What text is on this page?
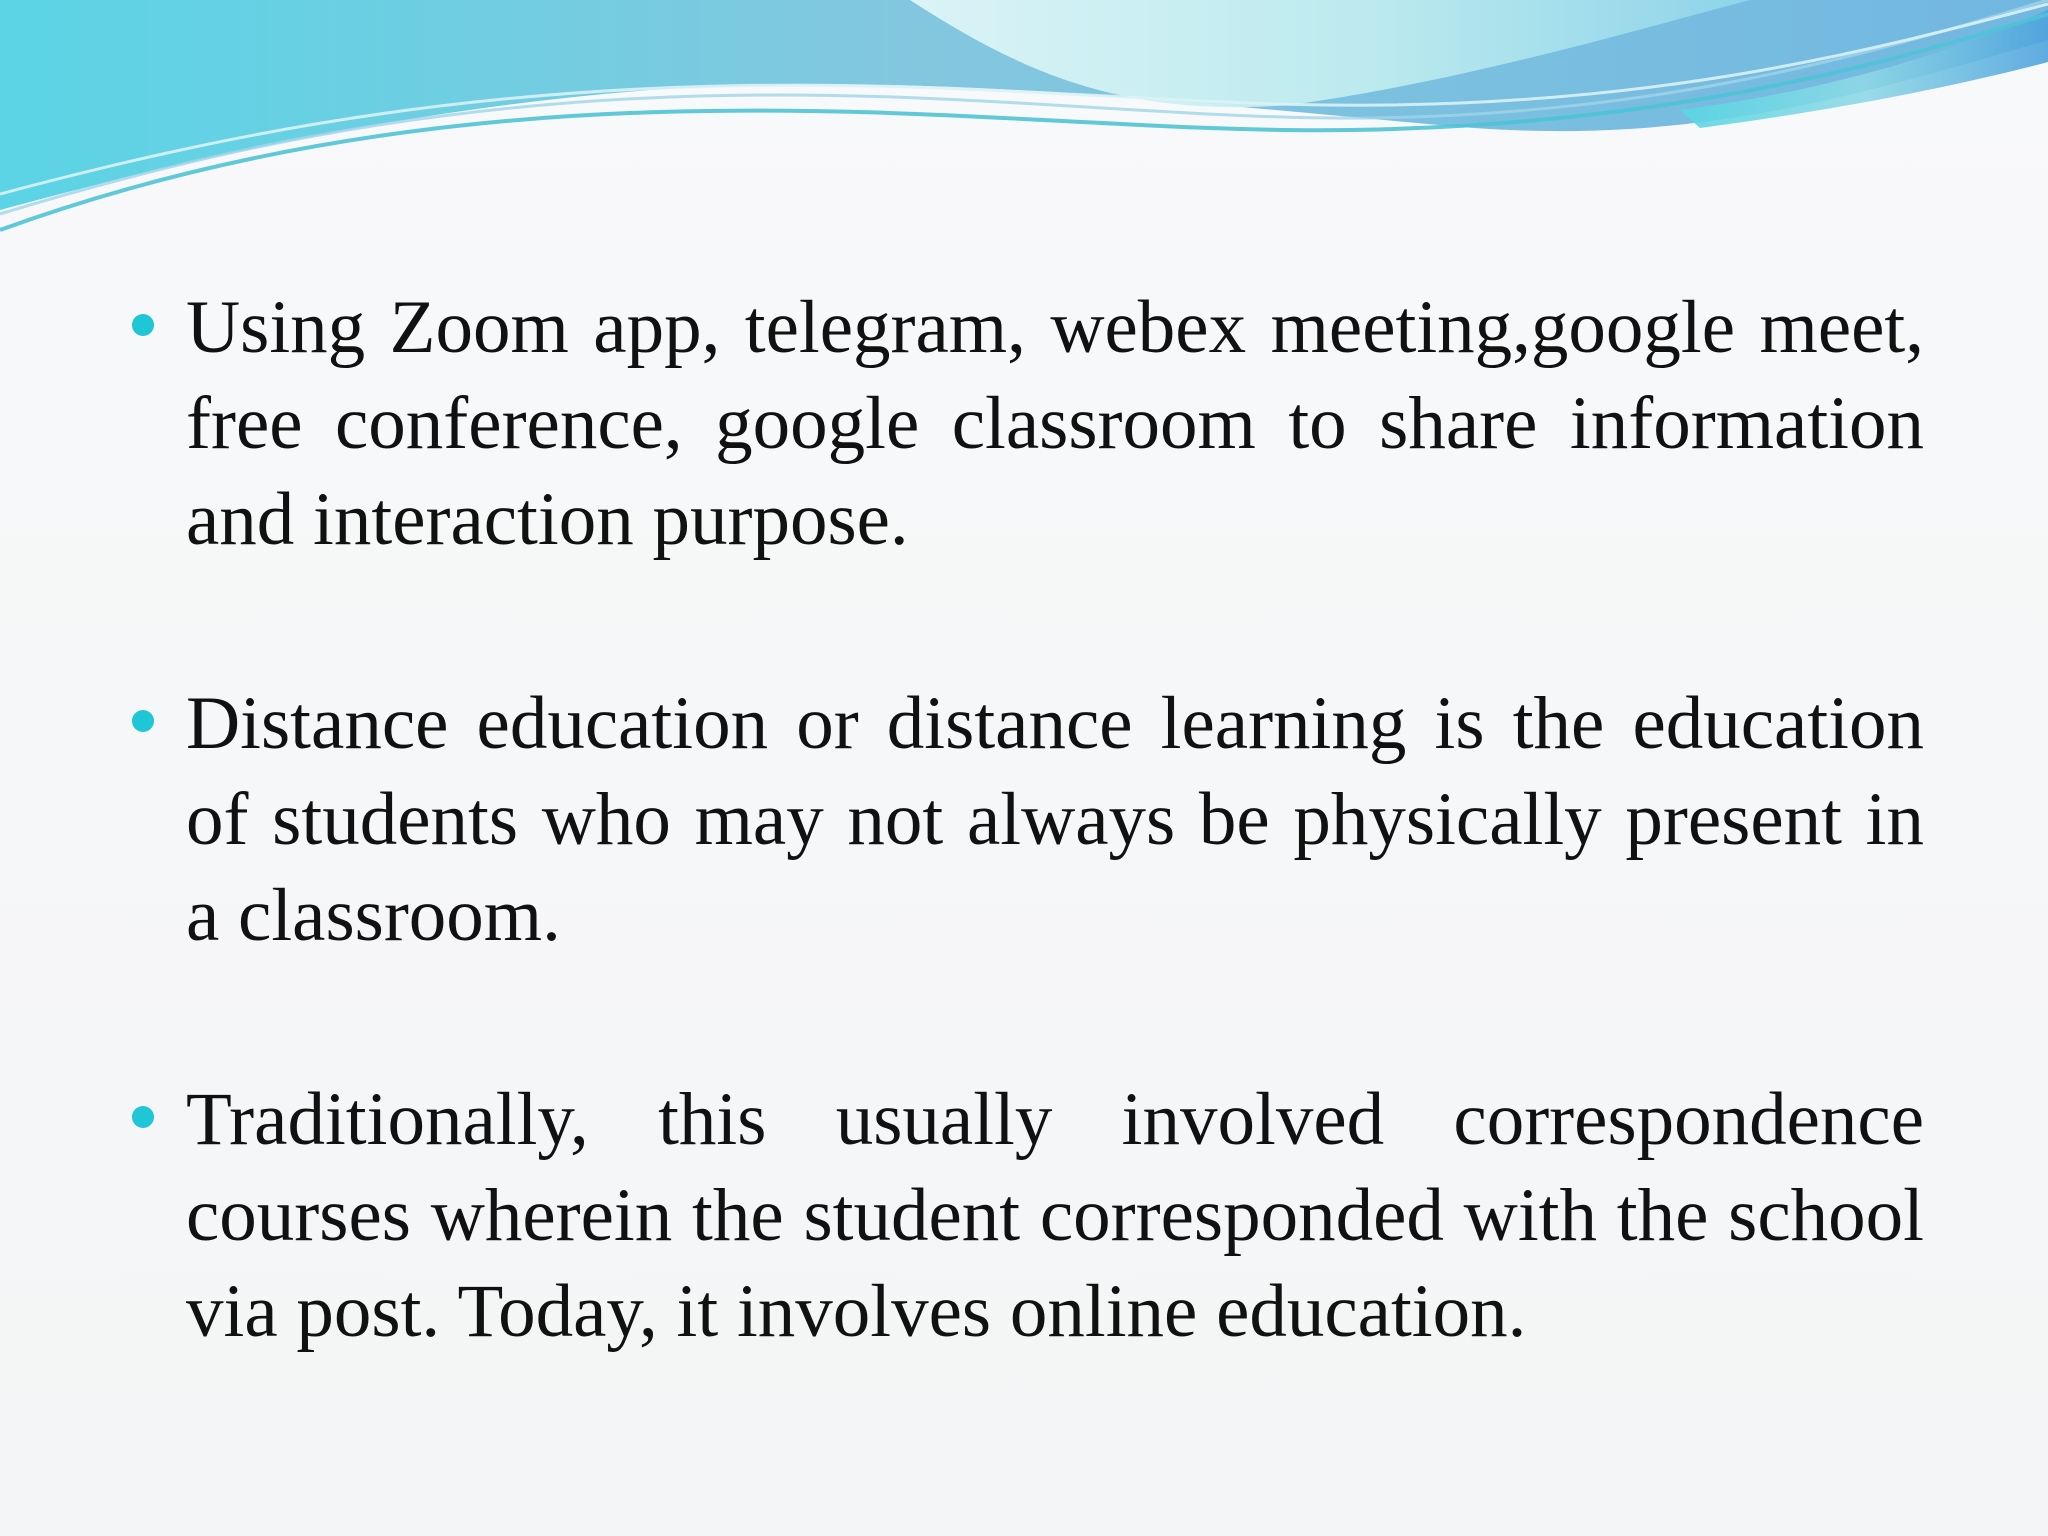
Using Zoom app, telegram, webex meeting,google meet, free conference, google classroom to share information and interaction purpose.
Distance education or distance learning is the education of students who may not always be physically present in a classroom.
Traditionally, this usually involved correspondence courses wherein the student corresponded with the school via post. Today, it involves online education.
